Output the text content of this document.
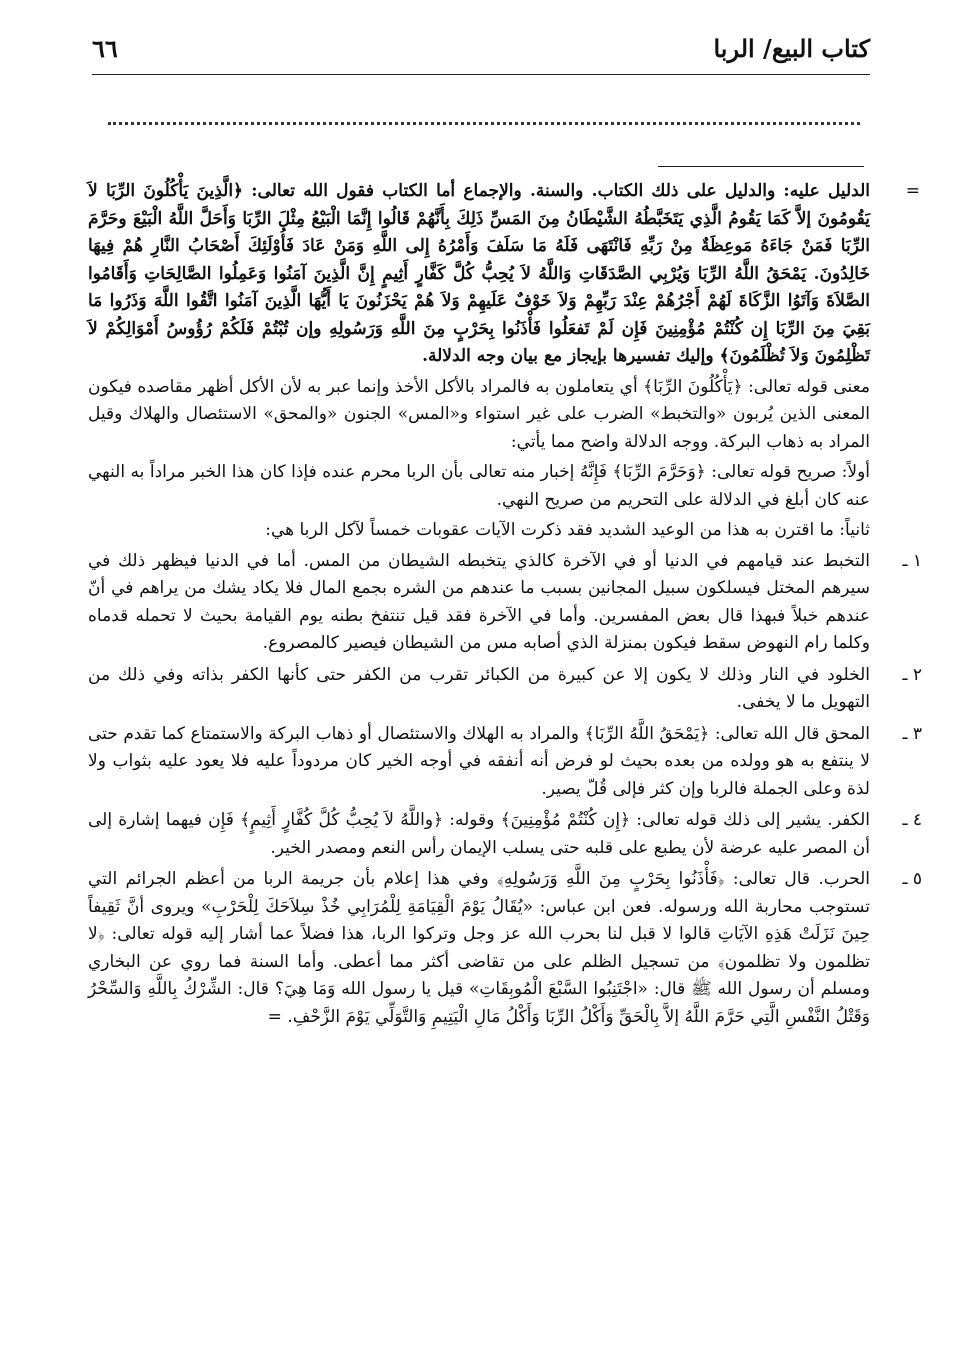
كتاب البيع/ الربا
٦٦
=

الدليل عليه: والدليل على ذلك الكتاب. والسنة. والإجماع أما الكتاب فقول الله تعالى: ﴿الَّذِينَ يَأْكُلُونَ الرِّبَا لاَ يَقُومُونَ إلاَّ كَمَا يَقُومُ الَّذِي يَتَخَبَّطُهُ الشَّيْطَانُ مِنَ المَسِّ ذَلِكَ بِأَنَّهُمْ قَالُوا إِنَّمَا الْبَيْعُ مِثْلَ الرِّبَا وَأَحَلَّ اللَّهُ الْبَيْعَ وحَرَّمَ الرِّبَا فَمَنْ جَاءَهُ مَوعِظَةٌ مِنْ رَبِّهِ فَانْتَهَى فَلَهُ مَا سَلَفَ وَأَمْرُهُ إِلى اللَّهِ وَمَنْ عَادَ فَأُوْلَئِكَ أَصْحَابُ النَّارِ هُمْ فِيهَا خَالِدُونَ. يَمْحَقُ اللَّهُ الرِّبَا وَيُرْبِي الصَّدَقَاتِ وَاللَّهُ لاَ يُحِبُّ كُلَّ كَفَّارٍ أَثِيمٍ إِنَّ الَّذِينَ آمَنُوا وَعَمِلُوا الصَّالِحَاتِ وَأَقَامُوا الصَّلاَةَ وَآتَوُا الزَّكَاةَ لَهُمْ أَجْرُهُمْ عِنْدَ رَبِّهِمْ وَلاَ خَوْفٌ عَلَيهِمْ وَلاَ هُمْ يَحْزَنُونَ يَا أَيُّهَا الَّذِينَ آمَنُوا اتَّقُوا اللَّهَ وَذَرُوا مَا بَقِيَ مِنَ الرِّبَا إِن كُنْتُمْ مُؤْمِنِينَ فَإِن لَمْ تَفعَلُوا فَأْذَنُوا بِحَرْبٍ مِنَ اللَّهِ وَرَسُولِهِ وإن تُبْتُمْ فَلَكُمْ رُؤُوسُ أَمْوَالِكُمْ لاَ تَظْلِمُونَ وَلاَ تُظْلَمُونَ﴾ وإليك تفسيرها بإيجاز مع بيان وجه الدلالة.

معنى قوله تعالى: ﴿يَأْكُلُونَ الرِّبَا﴾ أي يتعاملون به فالمراد بالأكل الأخذ وإنما عبر به لأن الأكل أظهر مقاصده فيكون المعنى الذين يُربون «والتخبط» الضرب على غير استواء و«المس» الجنون «والمحق» الاستئصال والهلاك وقيل المراد به ذهاب البركة. ووجه الدلالة واضح مما يأتي:

أولاً: صريح قوله تعالى: ﴿وَحَرَّمَ الرِّبَا﴾ فَإِنَّهُ إخبار منه تعالى بأن الربا محرم عنده فإذا كان هذا الخبر مراداً به النهي عنه كان أبلغ في الدلالة على التحريم من صريح النهي.

ثانياً: ما اقترن به هذا من الوعيد الشديد فقد ذكرت الآيات عقوبات خمساً لآكل الربا هي:

١ ـ
التخبط عند قيامهم في الدنيا أو في الآخرة كالذي يتخبطه الشيطان من المس. أما في الدنيا فيظهر ذلك في سيرهم المختل فيسلكون سبيل المجانين بسبب ما عندهم من الشره بجمع المال فلا يكاد يشك من يراهم في أنّ عندهم خبلاً فبهذا قال بعض المفسرين. وأما في الآخرة فقد قيل تنتفخ بطنه يوم القيامة بحيث لا تحمله قدماه وكلما رام النهوض سقط فيكون بمنزلة الذي أصابه مس من الشيطان فيصير كالمصروع.
٢ ـ
الخلود في النار وذلك لا يكون إلا عن كبيرة من الكبائر تقرب من الكفر حتى كأنها الكفر بذاته وفي ذلك من التهويل ما لا يخفى.
٣ ـ
المحق قال الله تعالى: ﴿يَمْحَقُ اللَّهُ الرِّبَا﴾ والمراد به الهلاك والاستئصال أو ذهاب البركة والاستمتاع كما تقدم حتى لا ينتفع به هو وولده من بعده بحيث لو فرض أنه أنفقه في أوجه الخير كان مردوداً عليه فلا يعود عليه بثواب ولا لذة وعلى الجملة فالربا وإن كثر فإلى قُلّ يصير.
٤ ـ
الكفر. يشير إلى ذلك قوله تعالى: ﴿إِن كُنْتُمْ مُؤْمِنِينَ﴾ وقوله: ﴿واللَّهُ لاَ يُحِبُّ كُلَّ كُفَّارٍ أَثِيمٍ﴾ فَإِن فيهما إشارة إلى أن المصر عليه عرضة لأن يطبع على قلبه حتى يسلب الإيمان رأس النعم ومصدر الخير.
٥ ـ
الحرب. قال تعالى: ﴿فَأْذَنُوا بِحَرْبٍ مِنَ اللَّهِ وَرَسُولِهِ﴾ وفي هذا إعلام بأن جريمة الربا من أعظم الجرائم التي تستوجب محاربة الله ورسوله. فعن ابن عباس: «يُقَالُ يَوْمَ الْقِيَامَةِ لِلْمُرَابِي خُذْ سِلاَحَكَ لِلْحَرْبِ» ويروى أنَّ ثَقِيفاً حِينَ نَزَلَتْ هَذِهِ الآيَاتِ قالوا لا قبل لنا بحرب الله عز وجل وتركوا الربا، هذا فضلاً عما أشار إليه قوله تعالى: ﴿لا تظلمون ولا تظلمون﴾ من تسجيل الظلم على من تقاضى أكثر مما أعطى. وأما السنة فما روي عن البخاري ومسلم أن رسول الله ﷺ قال: «اجْتَنِبُوا السَّبْعَ الْمُوبِقَاتِ» قيل يا رسول الله وَمَا هِيَ؟ قال: الشِّرْكُ بِاللَّهِ وَالسِّحْرُ وَقَتْلُ النَّفْسِ الَّتِي حَرَّمَ اللَّهُ إلاَّ بِالْحَقِّ وَأَكْلُ الرِّبَا وَأَكْلُ مَالِ الْيَتِيمِ وَالتَّوَلِّي يَوْمَ الزَّحْفِ. =
